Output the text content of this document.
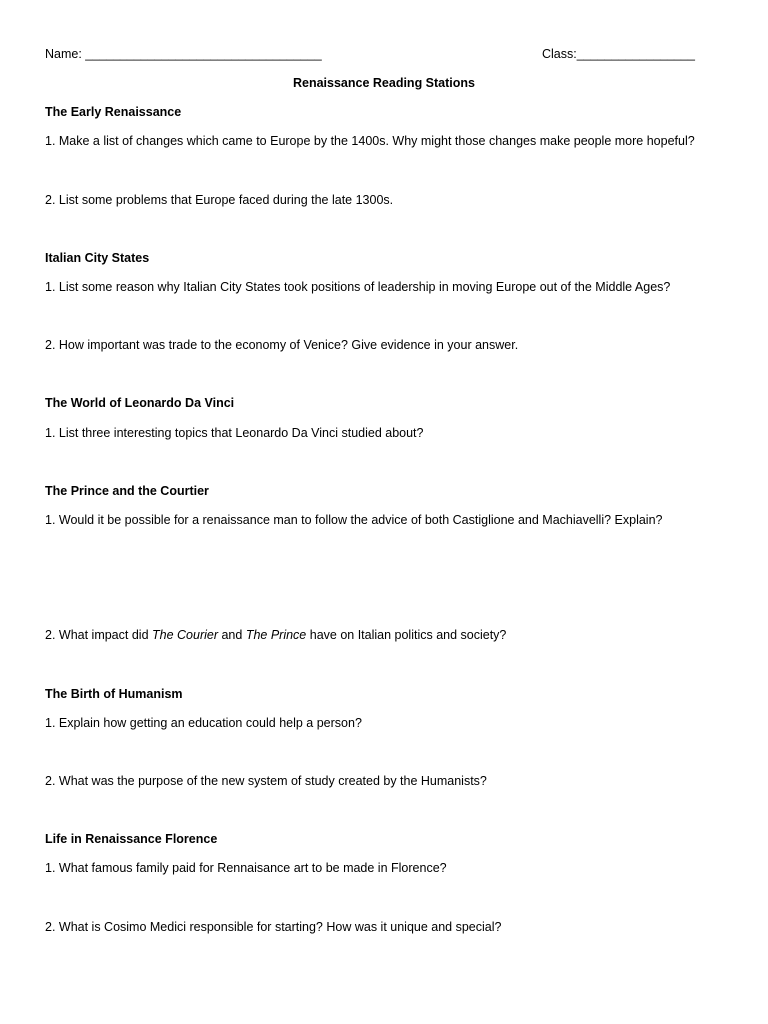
Name: __________________________________	Class:_________________
Renaissance Reading Stations
The Early Renaissance
1. Make a list of changes which came to Europe by the 1400s. Why might those changes make people more hopeful?
2. List some problems that Europe faced during the late 1300s.
Italian City States
1. List some reason why Italian City States took positions of leadership in moving Europe out of the Middle Ages?
2. How important was trade to the economy of Venice? Give evidence in your answer.
The World of Leonardo Da Vinci
1. List three interesting topics that Leonardo Da Vinci studied about?
The Prince and the Courtier
1. Would it be possible for a renaissance man to follow the advice of both Castiglione and Machiavelli? Explain?
2. What impact did The Courier and The Prince have on Italian politics and society?
The Birth of Humanism
1. Explain how getting an education could help a person?
2. What was the purpose of the new system of study created by the Humanists?
Life in Renaissance Florence
1. What famous family paid for Rennaisance art to be made in Florence?
2. What is Cosimo Medici responsible for starting? How was it unique and special?
